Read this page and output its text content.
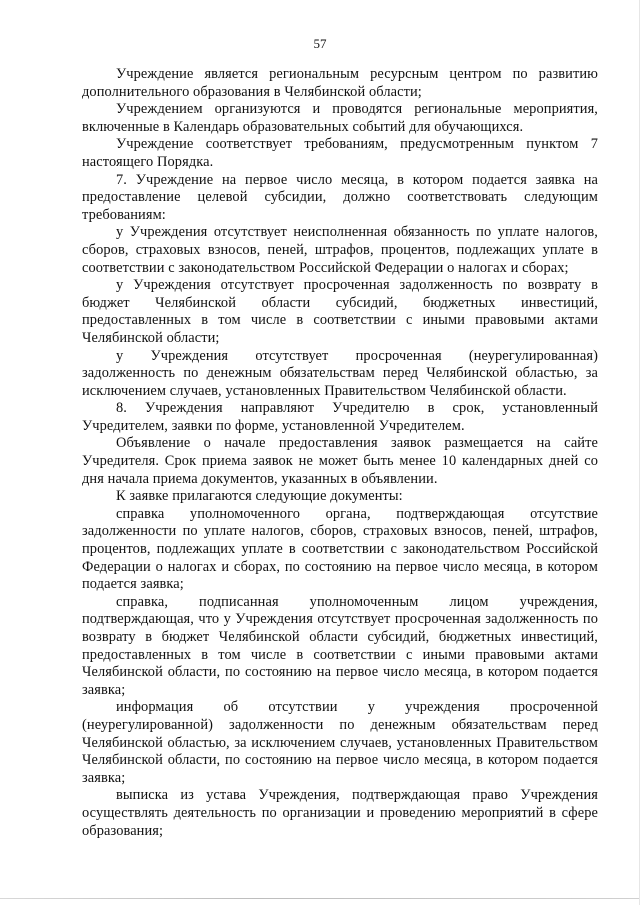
57

Учреждение является региональным ресурсным центром по развитию дополнительного образования в Челябинской области;

Учреждением организуются и проводятся региональные мероприятия, включенные в Календарь образовательных событий для обучающихся.

Учреждение соответствует требованиям, предусмотренным пунктом 7 настоящего Порядка.

7. Учреждение на первое число месяца, в котором подается заявка на предоставление целевой субсидии, должно соответствовать следующим требованиям:

у Учреждения отсутствует неисполненная обязанность по уплате налогов, сборов, страховых взносов, пеней, штрафов, процентов, подлежащих уплате в соответствии с законодательством Российской Федерации о налогах и сборах;

у Учреждения отсутствует просроченная задолженность по возврату в бюджет Челябинской области субсидий, бюджетных инвестиций, предоставленных в том числе в соответствии с иными правовыми актами Челябинской области;

у Учреждения отсутствует просроченная (неурегулированная) задолженность по денежным обязательствам перед Челябинской областью, за исключением случаев, установленных Правительством Челябинской области.

8. Учреждения направляют Учредителю в срок, установленный Учредителем, заявки по форме, установленной Учредителем.

Объявление о начале предоставления заявок размещается на сайте Учредителя. Срок приема заявок не может быть менее 10 календарных дней со дня начала приема документов, указанных в объявлении.

К заявке прилагаются следующие документы:

справка уполномоченного органа, подтверждающая отсутствие задолженности по уплате налогов, сборов, страховых взносов, пеней, штрафов, процентов, подлежащих уплате в соответствии с законодательством Российской Федерации о налогах и сборах, по состоянию на первое число месяца, в котором подается заявка;

справка, подписанная уполномоченным лицом учреждения, подтверждающая, что у Учреждения отсутствует просроченная задолженность по возврату в бюджет Челябинской области субсидий, бюджетных инвестиций, предоставленных в том числе в соответствии с иными правовыми актами Челябинской области, по состоянию на первое число месяца, в котором подается заявка;

информация об отсутствии у учреждения просроченной (неурегулированной) задолженности по денежным обязательствам перед Челябинской областью, за исключением случаев, установленных Правительством Челябинской области, по состоянию на первое число месяца, в котором подается заявка;

выписка из устава Учреждения, подтверждающая право Учреждения осуществлять деятельность по организации и проведению мероприятий в сфере образования;
